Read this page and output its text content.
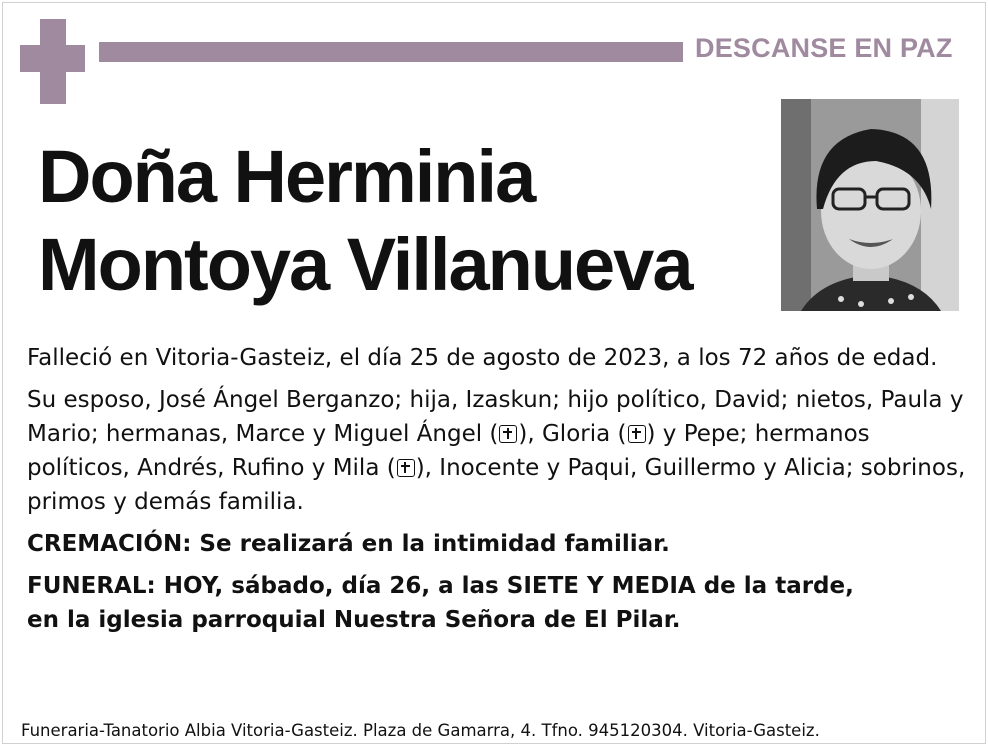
DESCANSE EN PAZ
Doña Herminia
Montoya Villanueva

Falleció en Vitoria-Gasteiz, el día 25 de agosto de 2023, a los 72 años de edad.

Su esposo, José Ángel Berganzo; hija, Izaskun; hijo político, David; nietos, Paula y Mario; hermanas, Marce y Miguel Ángel ( ), Gloria ( ) y Pepe; hermanos políticos, Andrés, Rufino y Mila ( ), Inocente y Paqui, Guillermo y Alicia; sobrinos, primos y demás familia.

CREMACIÓN: Se realizará en la intimidad familiar.

FUNERAL: HOY, sábado, día 26, a las SIETE Y MEDIA de la tarde,
en la iglesia parroquial Nuestra Señora de El Pilar.

Funeraria-Tanatorio Albia Vitoria-Gasteiz. Plaza de Gamarra, 4. Tfno. 945120304. Vitoria-Gasteiz.
